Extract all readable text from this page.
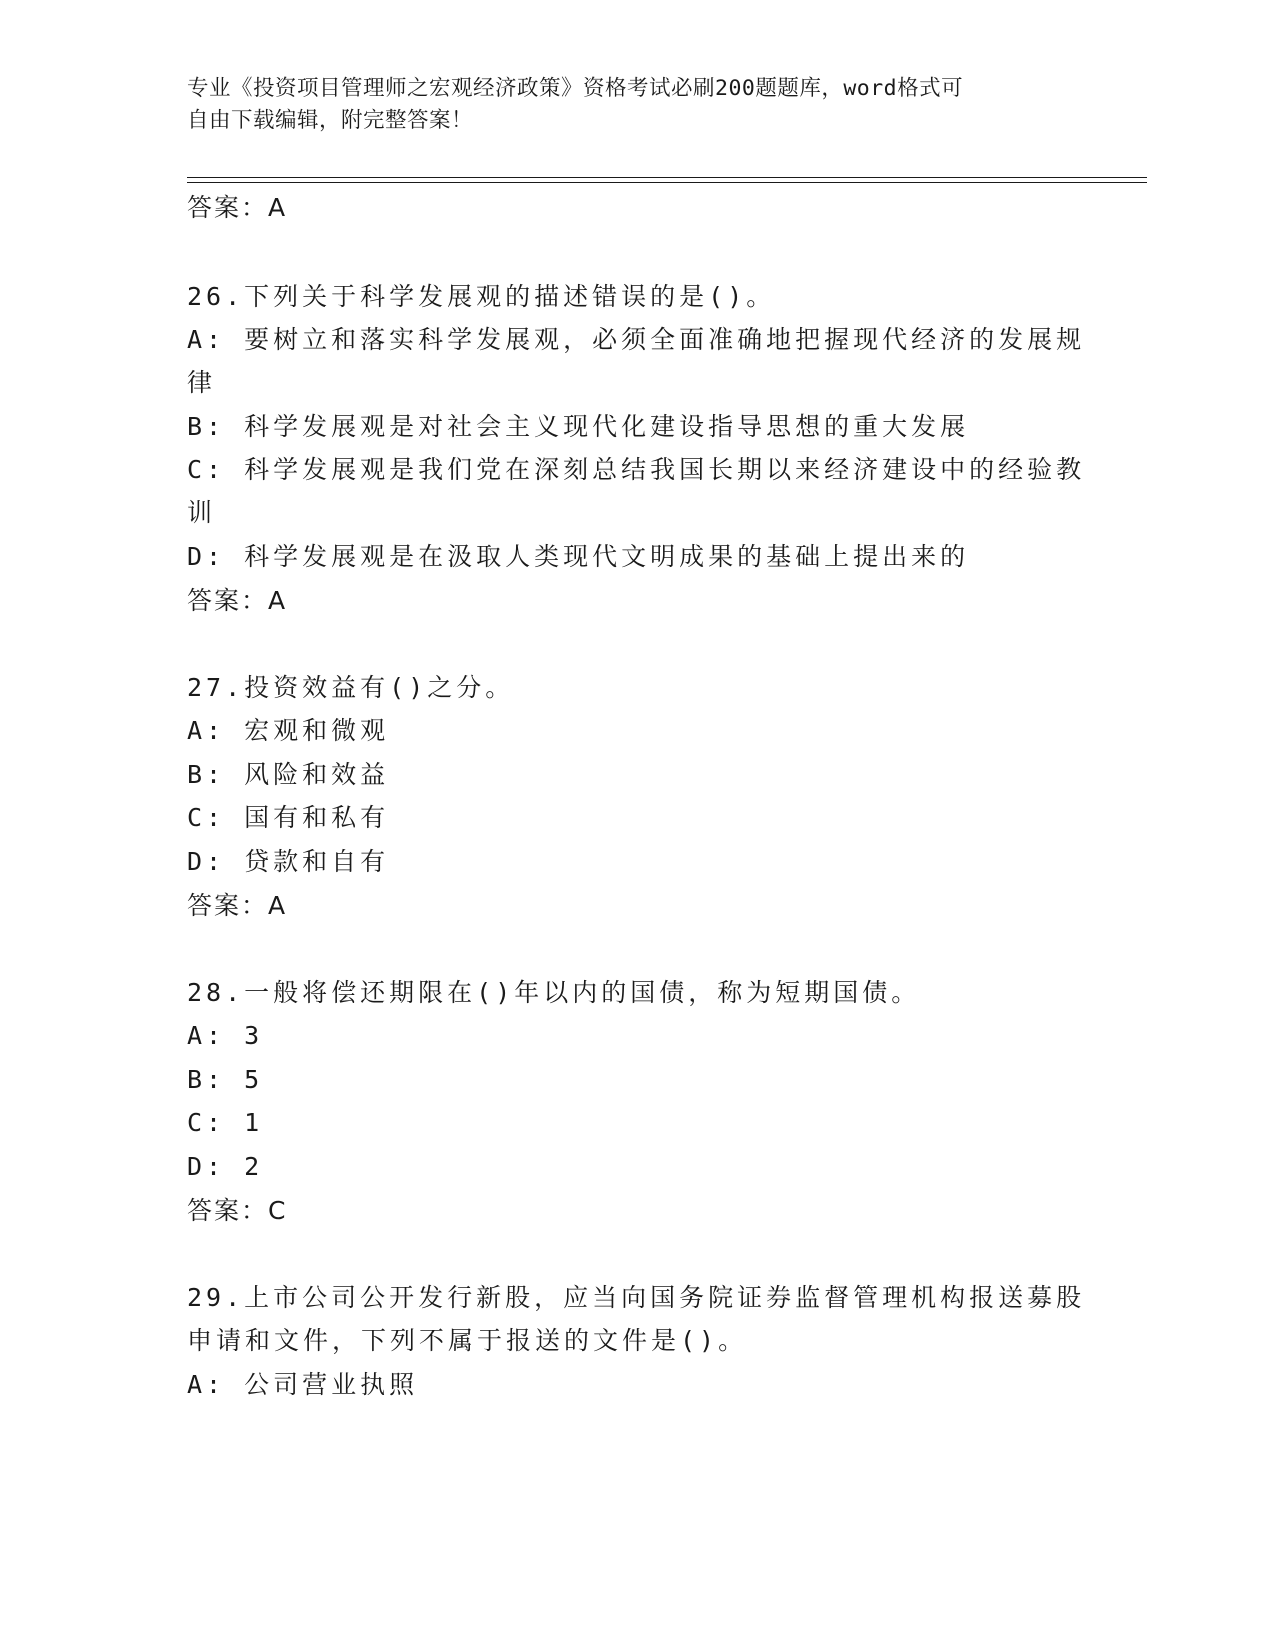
专业《投资项目管理师之宏观经济政策》资格考试必刷200题题库，word格式可
自由下载编辑，附完整答案！
答案：A
26.下列关于科学发展观的描述错误的是()。
A: 要树立和落实科学发展观，必须全面准确地把握现代经济的发展规
律
B: 科学发展观是对社会主义现代化建设指导思想的重大发展
C: 科学发展观是我们党在深刻总结我国长期以来经济建设中的经验教
训
D: 科学发展观是在汲取人类现代文明成果的基础上提出来的
答案：A
27.投资效益有()之分。
A: 宏观和微观
B: 风险和效益
C: 国有和私有
D: 贷款和自有
答案：A
28.一般将偿还期限在()年以内的国债，称为短期国债。
A: 3
B: 5
C: 1
D: 2
答案：C
29.上市公司公开发行新股，应当向国务院证券监督管理机构报送募股
申请和文件，下列不属于报送的文件是()。
A: 公司营业执照
